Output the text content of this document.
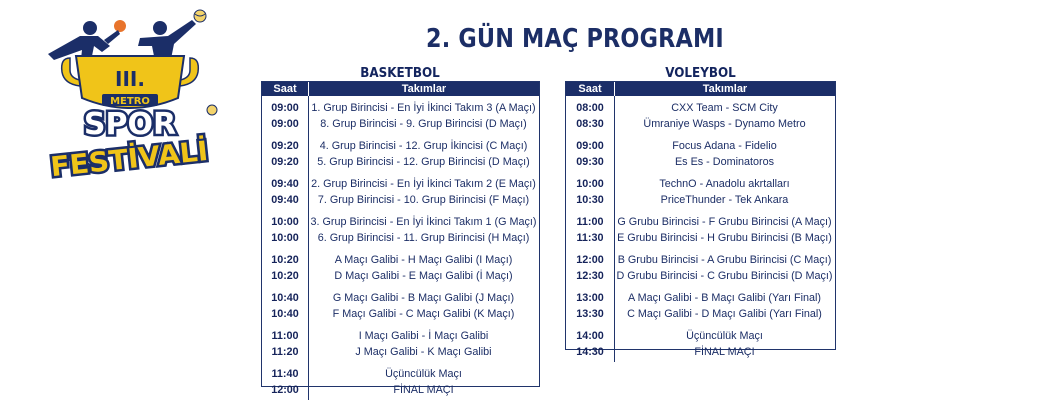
III.
METRO
SPOR
FESTİVALİ
2. GÜN MAÇ PROGRAMI
BASKETBOL
Saat	Takımlar
09:00	1. Grup Birincisi - En İyi İkinci Takım 3 (A Maçı)
09:00	8. Grup Birincisi - 9. Grup Birincisi (D Maçı)
09:20	4. Grup Birincisi - 12. Grup İkincisi (C Maçı)
09:20	5. Grup Birincisi - 12. Grup Birincisi (D Maçı)
09:40	2. Grup Birincisi - En İyi İkinci Takım 2 (E Maçı)
09:40	7. Grup Birincisi - 10. Grup Birincisi (F Maçı)
10:00	3. Grup Birincisi - En İyi İkinci Takım 1 (G Maçı)
10:00	6. Grup Birincisi - 11. Grup Birincisi (H Maçı)
10:20	A Maçı Galibi - H Maçı Galibi (I Maçı)
10:20	D Maçı Galibi - E Maçı Galibi (İ Maçı)
10:40	G Maçı Galibi - B Maçı Galibi (J Maçı)
10:40	F Maçı Galibi - C Maçı Galibi (K Maçı)
11:00	I Maçı Galibi - İ Maçı Galibi
11:20	J Maçı Galibi - K Maçı Galibi
11:40	Üçüncülük Maçı
12:00	FİNAL MAÇI
VOLEYBOL
Saat	Takımlar
08:00	CXX Team - SCM City
08:30	Ümraniye Wasps - Dynamo Metro
09:00	Focus Adana - Fidelio
09:30	Es Es - Dominatoros
10:00	TechnO - Anadolu akrtalları
10:30	PriceThunder - Tek Ankara
11:00	G Grubu Birincisi - F Grubu Birincisi (A Maçı)
11:30	E Grubu Birincisi - H Grubu Birincisi (B Maçı)
12:00	B Grubu Birincisi - A Grubu Birincisi (C Maçı)
12:30	D Grubu Birincisi - C Grubu Birincisi (D Maçı)
13:00	A Maçı Galibi - B Maçı Galibi (Yarı Final)
13:30	C Maçı Galibi - D Maçı Galibi (Yarı Final)
14:00	Üçüncülük Maçı
14:30	FİNAL MAÇI
